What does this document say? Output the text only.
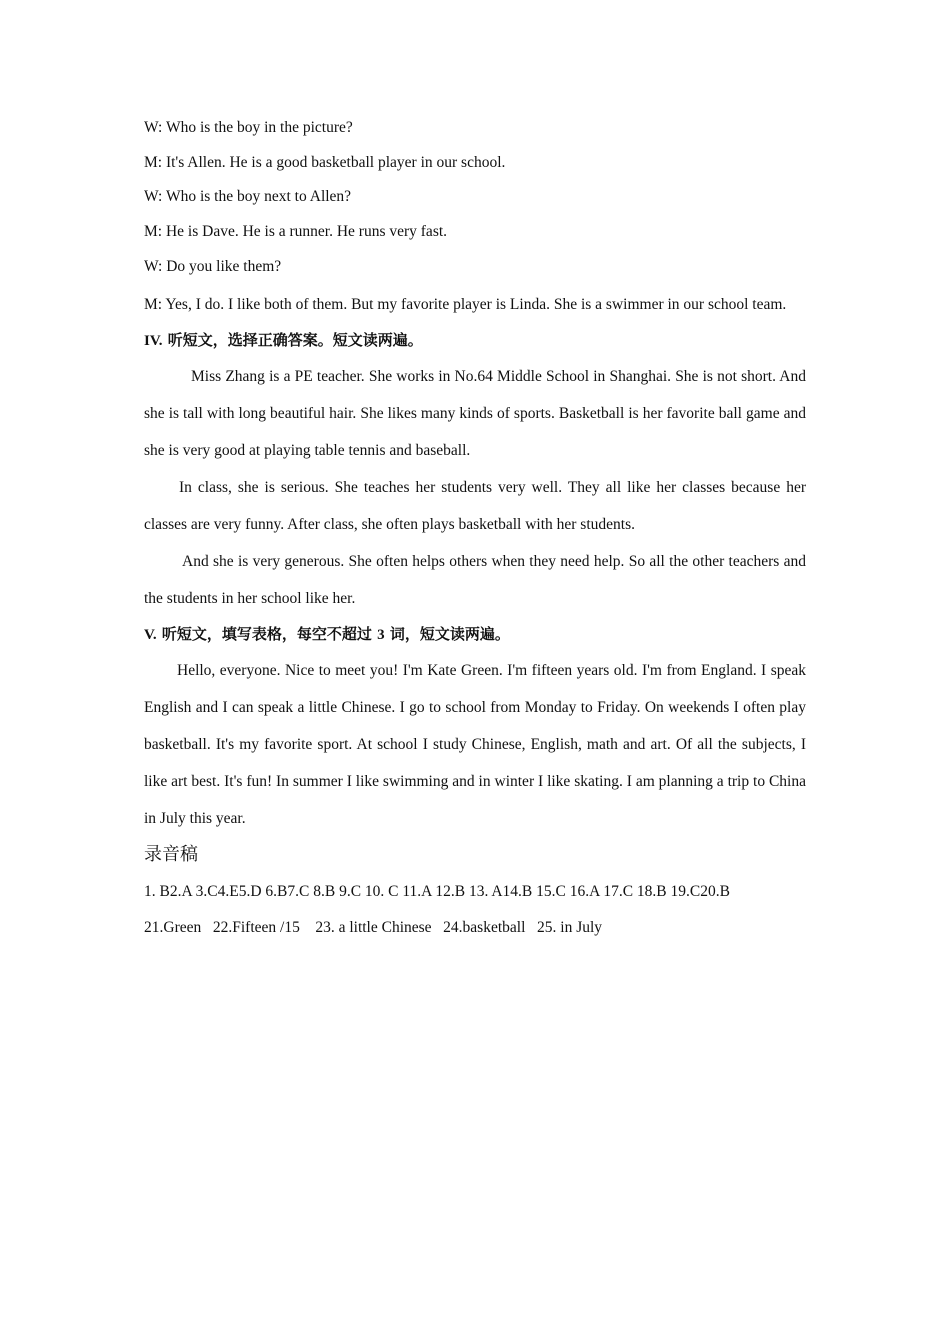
W: Who is the boy in the picture?

M: It's Allen. He is a good basketball player in our school.

W: Who is the boy next to Allen?

M: He is Dave. He is a runner. He runs very fast.

W: Do you like them?

M: Yes, I do. I like both of them. But my favorite player is Linda. She is a swimmer in our school team.

IV. 听短文，选择正确答案。短文读两遍。

Miss Zhang is a PE teacher. She works in No.64 Middle School in Shanghai. She is not short. And she is tall with long beautiful hair. She likes many kinds of sports. Basketball is her favorite ball game and she is very good at playing table tennis and baseball.

In class, she is serious. She teaches her students very well. They all like her classes because her classes are very funny. After class, she often plays basketball with her students.

And she is very generous. She often helps others when they need help. So all the other teachers and the students in her school like her.

V. 听短文，填写表格，每空不超过 3 词，短文读两遍。

Hello, everyone. Nice to meet you! I'm Kate Green. I'm fifteen years old. I'm from England. I speak English and I can speak a little Chinese. I go to school from Monday to Friday. On weekends I often play basketball. It's my favorite sport. At school I study Chinese, English, math and art. Of all the subjects, I like art best. It's fun! In summer I like swimming and in winter I like skating. I am planning a trip to China in July this year.

录音稿

1. B2.A 3.C4.E5.D 6.B7.C 8.B 9.C 10. C 11.A 12.B 13. A14.B 15.C 16.A 17.C 18.B 19.C20.B

21.Green   22.Fifteen /15    23. a little Chinese   24.basketball   25. in July
